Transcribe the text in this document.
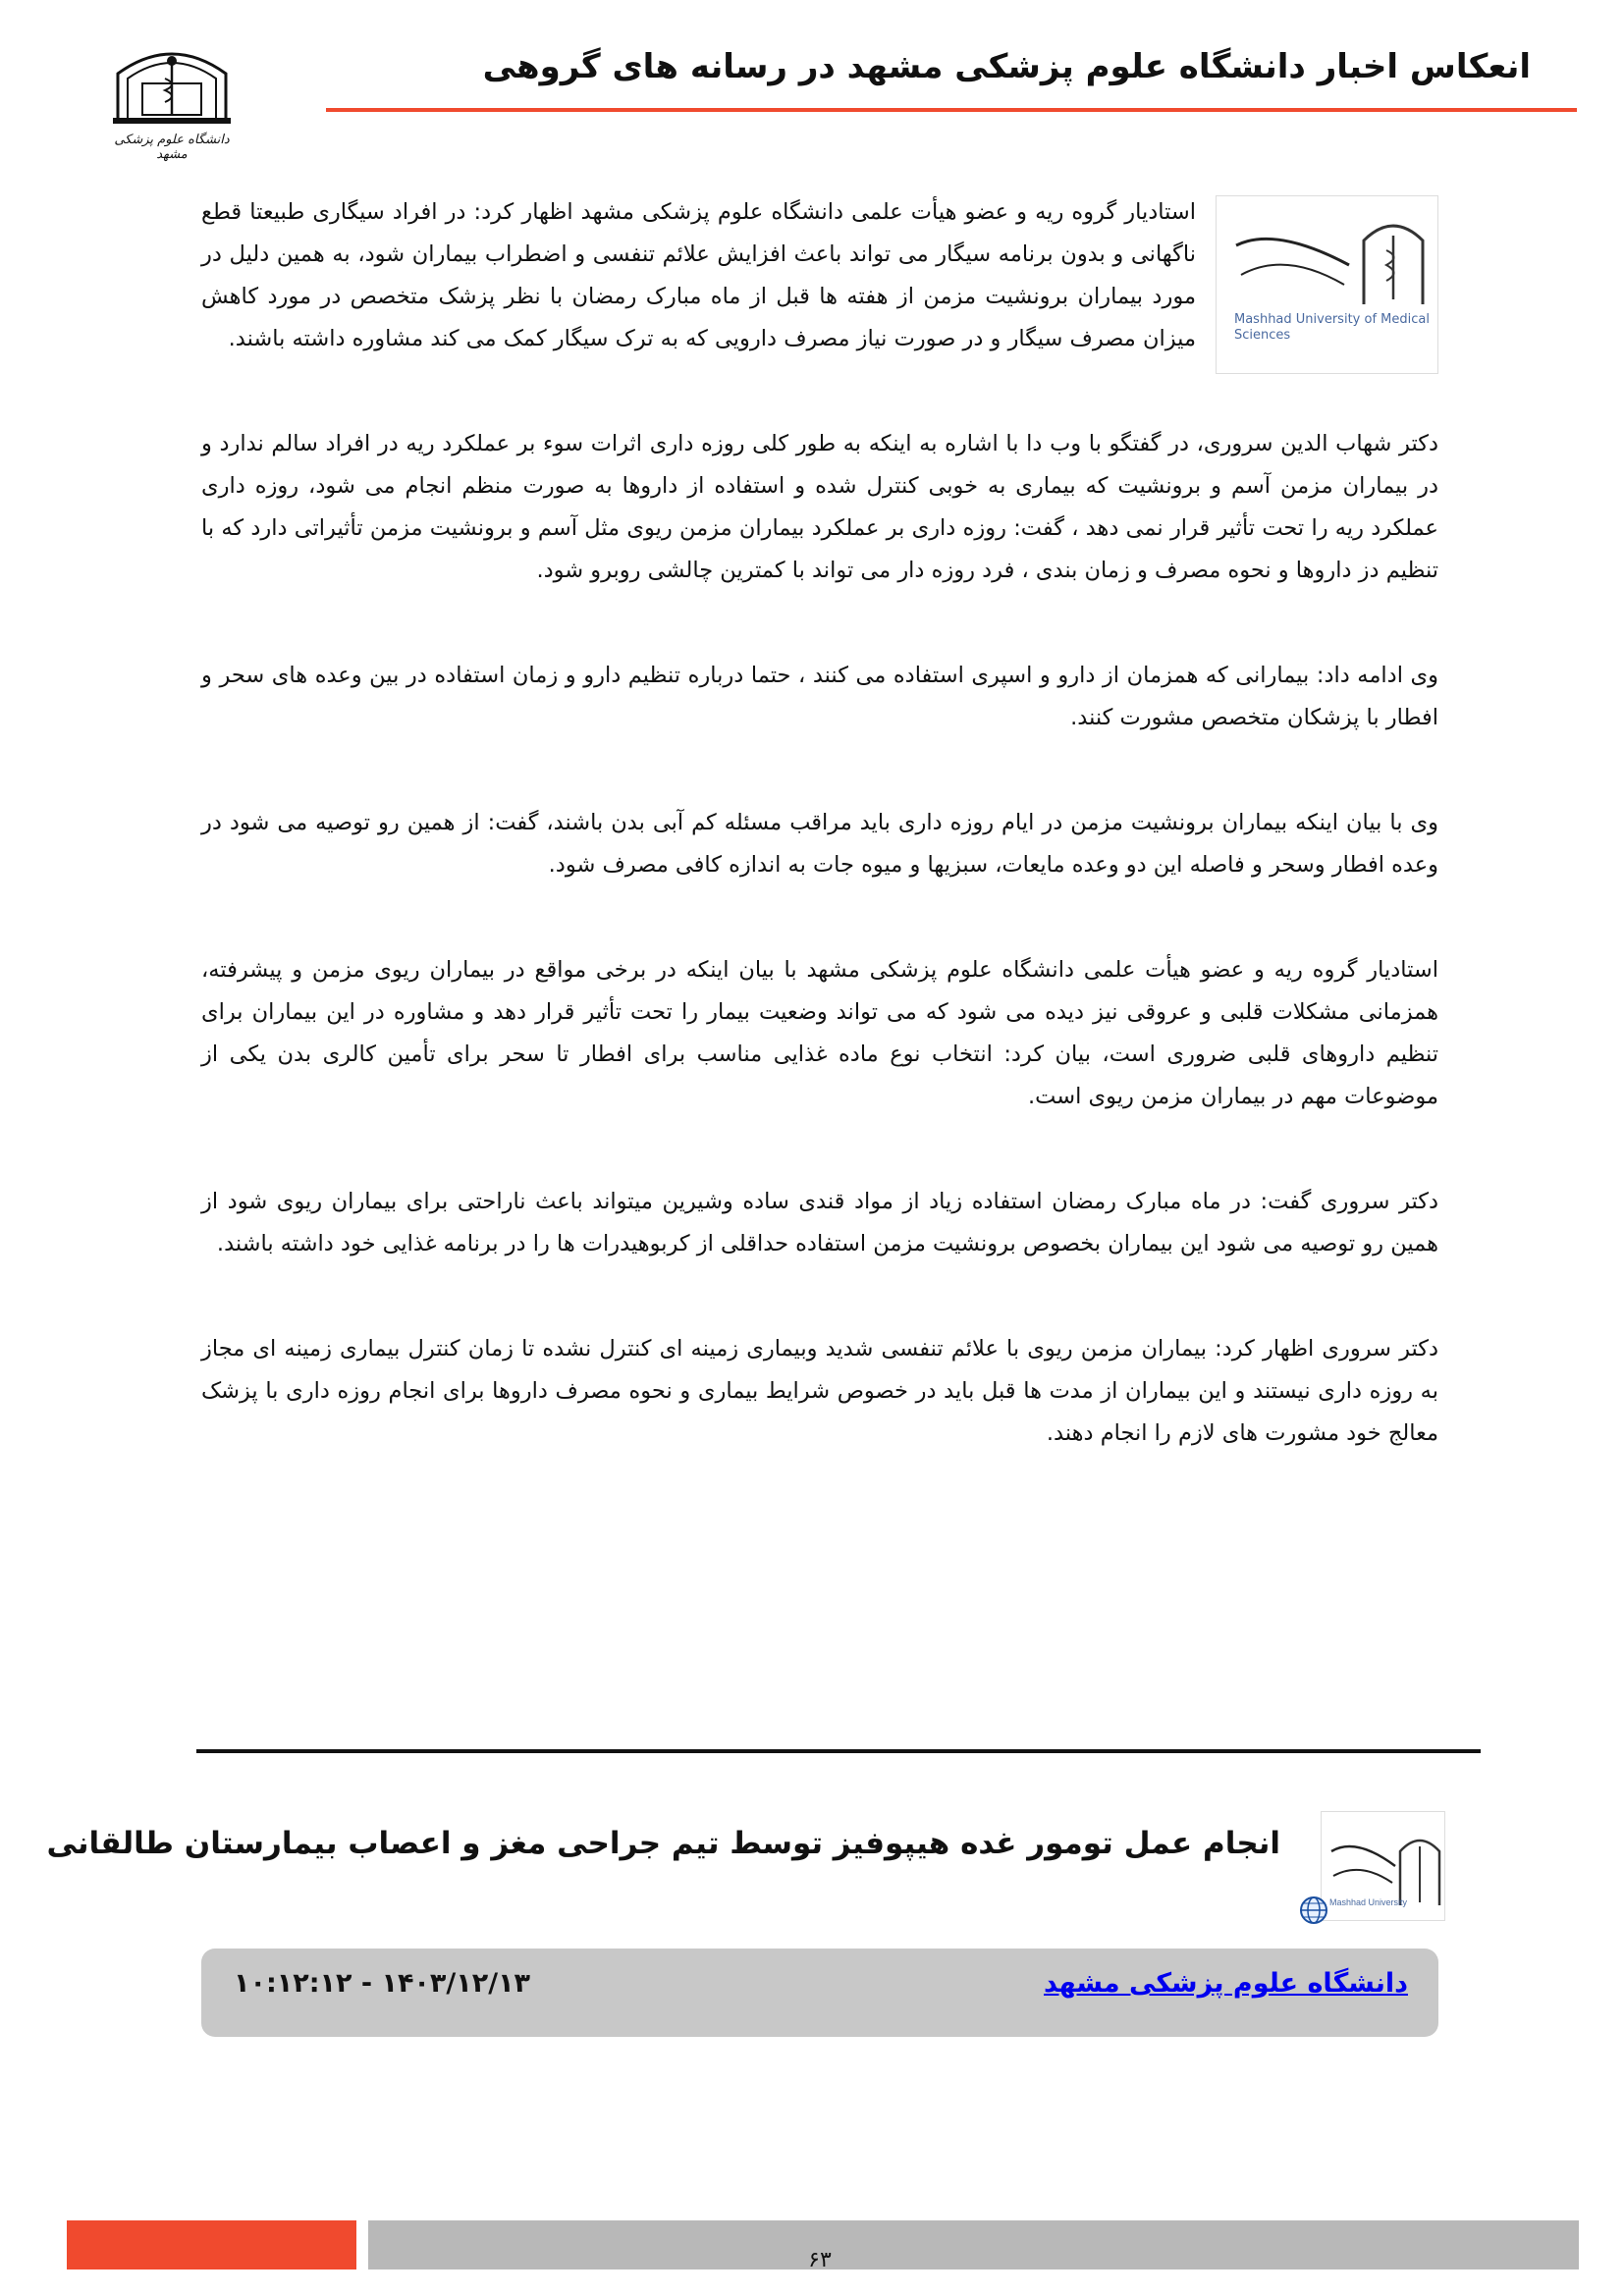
دانشگاه علوم پزشکی مشهد
انعکاس اخبار دانشگاه علوم پزشکی مشهد در رسانه های گروهی
Mashhad University of Medical Sciences

استادیار گروه ریه و عضو هیأت علمی دانشگاه علوم پزشکی مشهد اظهار کرد: در افراد سیگاری طبیعتا قطع ناگهانی و بدون برنامه سیگار می تواند باعث افزایش علائم تنفسی و اضطراب بیماران شود، به همین دلیل در مورد بیماران برونشیت مزمن از هفته ها قبل از ماه مبارک رمضان با نظر پزشک متخصص در مورد کاهش میزان مصرف سیگار و در صورت نیاز مصرف دارویی که به ترک سیگار کمک می کند مشاوره داشته باشند.

دکتر شهاب الدین سروری، در گفتگو با وب دا با اشاره به اینکه به طور کلی روزه داری اثرات سوء بر عملکرد ریه در افراد سالم ندارد و در بیماران مزمن آسم و برونشیت که بیماری به خوبی کنترل شده و استفاده از داروها به صورت منظم انجام می شود، روزه داری عملکرد ریه را تحت تأثیر قرار نمی دهد ، گفت: روزه داری بر عملکرد بیماران مزمن ریوی مثل آسم و برونشیت مزمن تأثیراتی دارد که با تنظیم دز داروها و نحوه مصرف و زمان بندی ، فرد روزه دار می تواند با کمترین چالشی روبرو شود.

وی ادامه داد: بیمارانی که همزمان از دارو و اسپری استفاده می کنند ، حتما درباره تنظیم دارو و زمان استفاده در بین وعده های سحر و افطار با پزشکان متخصص مشورت کنند.

وی با بیان اینکه بیماران برونشیت مزمن در ایام روزه داری باید مراقب مسئله کم آبی بدن باشند، گفت: از همین رو توصیه می شود در وعده افطار وسحر و فاصله این دو وعده مایعات، سبزیها و میوه جات به اندازه کافی مصرف شود.

استادیار گروه ریه و عضو هیأت علمی دانشگاه علوم پزشکی مشهد با بیان اینکه در برخی مواقع در بیماران ریوی مزمن و پیشرفته، همزمانی مشکلات قلبی و عروقی نیز دیده می شود که می تواند وضعیت بیمار را تحت تأثیر قرار دهد و مشاوره در این بیماران برای تنظیم داروهای قلبی ضروری است، بیان کرد: انتخاب نوع ماده غذایی مناسب برای افطار تا سحر برای تأمین کالری بدن یکی از موضوعات مهم در بیماران مزمن ریوی است.

دکتر سروری گفت: در ماه مبارک رمضان استفاده زیاد از مواد قندی ساده وشیرین میتواند باعث ناراحتی برای بیماران ریوی شود از همین رو توصیه می شود این بیماران بخصوص برونشیت مزمن استفاده حداقلی از کربوهیدرات ها را در برنامه غذایی خود داشته باشند.

دکتر سروری اظهار کرد: بیماران مزمن ریوی با علائم تنفسی شدید وبیماری زمینه ای کنترل نشده تا زمان کنترل بیماری زمینه ای مجاز به روزه داری نیستند و این بیماران از مدت ها قبل باید در خصوص شرایط بیماری و نحوه مصرف داروها برای انجام روزه داری با پزشک معالج خود مشورت های لازم را انجام دهند.

Mashhad University
انجام عمل تومور غده هیپوفیز توسط تیم جراحی مغز و اعصاب بیمارستان طالقانی
دانشگاه علوم پزشکی مشهد
۱۰:۱۲:۱۲ - ۱۴۰۳/۱۲/۱۳
۶۳
